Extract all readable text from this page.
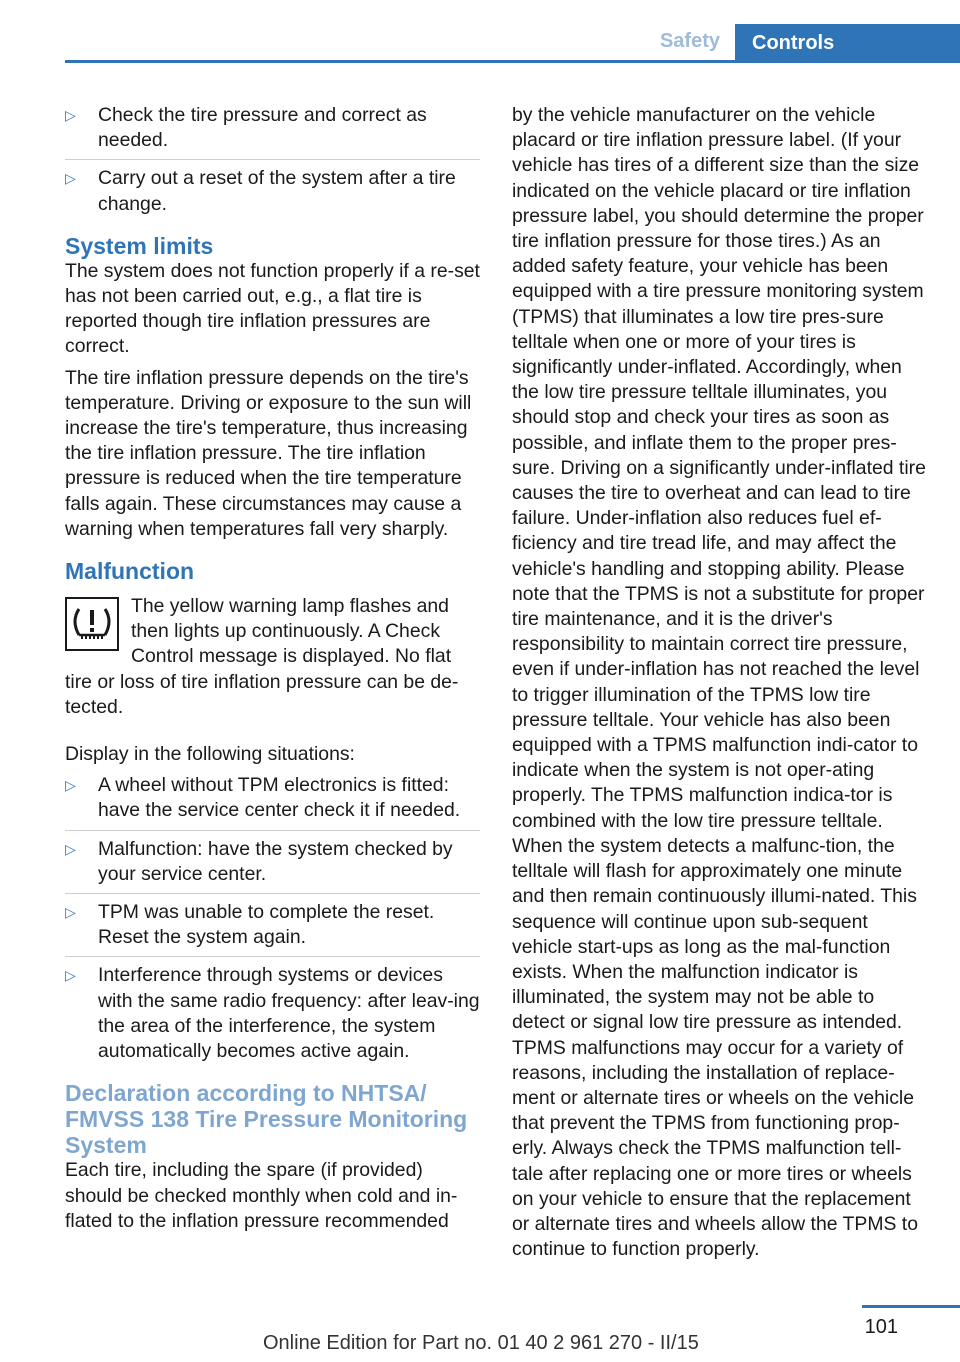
Safety	Controls
▷ Check the tire pressure and correct as needed.
▷ Carry out a reset of the system after a tire change.
System limits

The system does not function properly if a re-set has not been carried out, e.g., a flat tire is reported though tire inflation pressures are correct.

The tire inflation pressure depends on the tire's temperature. Driving or exposure to the sun will increase the tire's temperature, thus increasing the tire inflation pressure. The tire inflation pressure is reduced when the tire temperature falls again. These circumstances may cause a warning when temperatures fall very sharply.

Malfunction

The yellow warning lamp flashes and then lights up continuously. A Check Control message is displayed. No flat tire or loss of tire inflation pressure can be de-tected.

Display in the following situations:

▷ A wheel without TPM electronics is fitted: have the service center check it if needed.
▷ Malfunction: have the system checked by your service center.
▷ TPM was unable to complete the reset. Reset the system again.
▷ Interference through systems or devices with the same radio frequency: after leav-ing the area of the interference, the system automatically becomes active again.
Declaration according to NHTSA/ FMVSS 138 Tire Pressure Monitoring System

Each tire, including the spare (if provided) should be checked monthly when cold and in-flated to the inflation pressure recommended

by the vehicle manufacturer on the vehicle placard or tire inflation pressure label. (If your vehicle has tires of a different size than the size indicated on the vehicle placard or tire inflation pressure label, you should determine the proper tire inflation pressure for those tires.) As an added safety feature, your vehicle has been equipped with a tire pressure monitoring system (TPMS) that illuminates a low tire pres-sure telltale when one or more of your tires is significantly under-inflated. Accordingly, when the low tire pressure telltale illuminates, you should stop and check your tires as soon as possible, and inflate them to the proper pres-sure. Driving on a significantly under-inflated tire causes the tire to overheat and can lead to tire failure. Under-inflation also reduces fuel ef-ficiency and tire tread life, and may affect the vehicle's handling and stopping ability. Please note that the TPMS is not a substitute for proper tire maintenance, and it is the driver's responsibility to maintain correct tire pressure, even if under-inflation has not reached the level to trigger illumination of the TPMS low tire pressure telltale. Your vehicle has also been equipped with a TPMS malfunction indi-cator to indicate when the system is not oper-ating properly. The TPMS malfunction indica-tor is combined with the low tire pressure telltale. When the system detects a malfunc-tion, the telltale will flash for approximately one minute and then remain continuously illumi-nated. This sequence will continue upon sub-sequent vehicle start-ups as long as the mal-function exists. When the malfunction indicator is illuminated, the system may not be able to detect or signal low tire pressure as intended. TPMS malfunctions may occur for a variety of reasons, including the installation of replace-ment or alternate tires or wheels on the vehicle that prevent the TPMS from functioning prop-erly. Always check the TPMS malfunction tell-tale after replacing one or more tires or wheels on your vehicle to ensure that the replacement or alternate tires and wheels allow the TPMS to continue to function properly.

101
Online Edition for Part no. 01 40 2 961 270 - II/15
